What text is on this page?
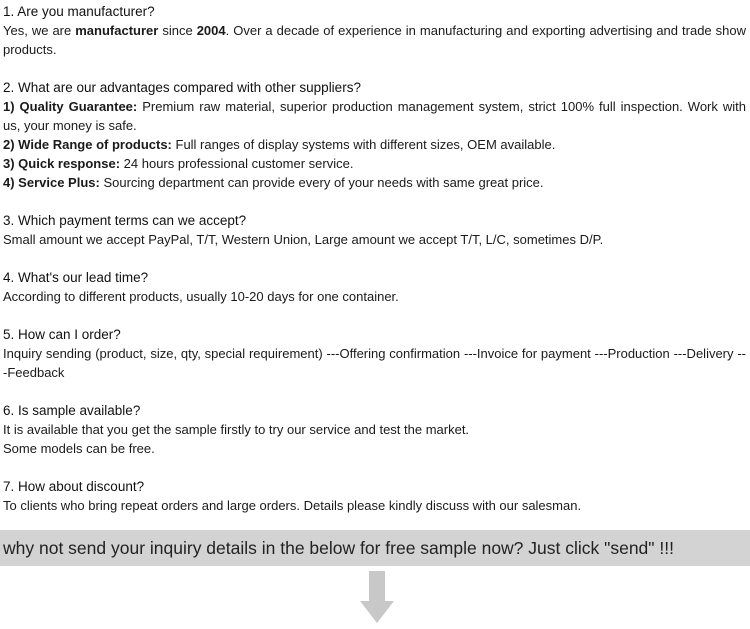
1. Are you manufacturer?
Yes, we are manufacturer since 2004. Over a decade of experience in manufacturing and exporting advertising and trade show products.
2. What are our advantages compared with other suppliers?
1) Quality Guarantee: Premium raw material, superior production management system, strict 100% full inspection. Work with us, your money is safe.
2) Wide Range of products: Full ranges of display systems with different sizes, OEM available.
3) Quick response: 24 hours professional customer service.
4) Service Plus: Sourcing department can provide every of your needs with same great price.
3. Which payment terms can we accept?
Small amount we accept PayPal, T/T, Western Union, Large amount we accept T/T, L/C, sometimes D/P.
4. What's our lead time?
According to different products, usually 10-20 days for one container.
5. How can I order?
Inquiry sending (product, size, qty, special requirement) ---Offering confirmation ---Invoice for payment ---Production ---Delivery ---Feedback
6. Is sample available?
It is available that you get the sample firstly to try our service and test the market.
Some models can be free.
7. How about discount?
To clients who bring repeat orders and large orders. Details please kindly discuss with our salesman.
why not send your inquiry details in the below for free sample now? Just click "send" !!!
